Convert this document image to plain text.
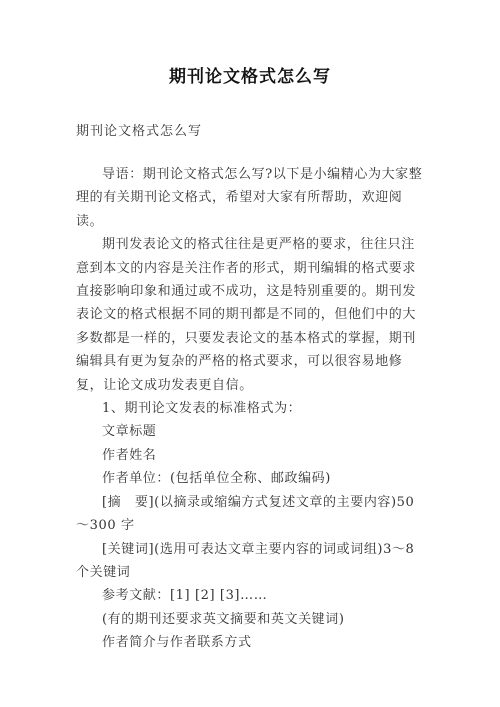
期刊论文格式怎么写
期刊论文格式怎么写

导语：期刊论文格式怎么写?以下是小编精心为大家整理的有关期刊论文格式，希望对大家有所帮助，欢迎阅读。

期刊发表论文的格式往往是更严格的要求，往往只注意到本文的内容是关注作者的形式，期刊编辑的格式要求直接影响印象和通过或不成功，这是特别重要的。期刊发表论文的格式根据不同的期刊都是不同的，但他们中的大多数都是一样的，只要发表论文的基本格式的掌握，期刊编辑具有更为复杂的严格的格式要求，可以很容易地修复，让论文成功发表更自信。

1、期刊论文发表的标准格式为：

文章标题

作者姓名

作者单位：(包括单位全称、邮政编码)

[摘　要](以摘录或缩编方式复述文章的主要内容)50～300 字

[关键词](选用可表达文章主要内容的词或词组)3～8 个关键词

参考文献：[1] [2] [3]……

(有的期刊还要求英文摘要和英文关键词)

作者简介与作者联系方式
